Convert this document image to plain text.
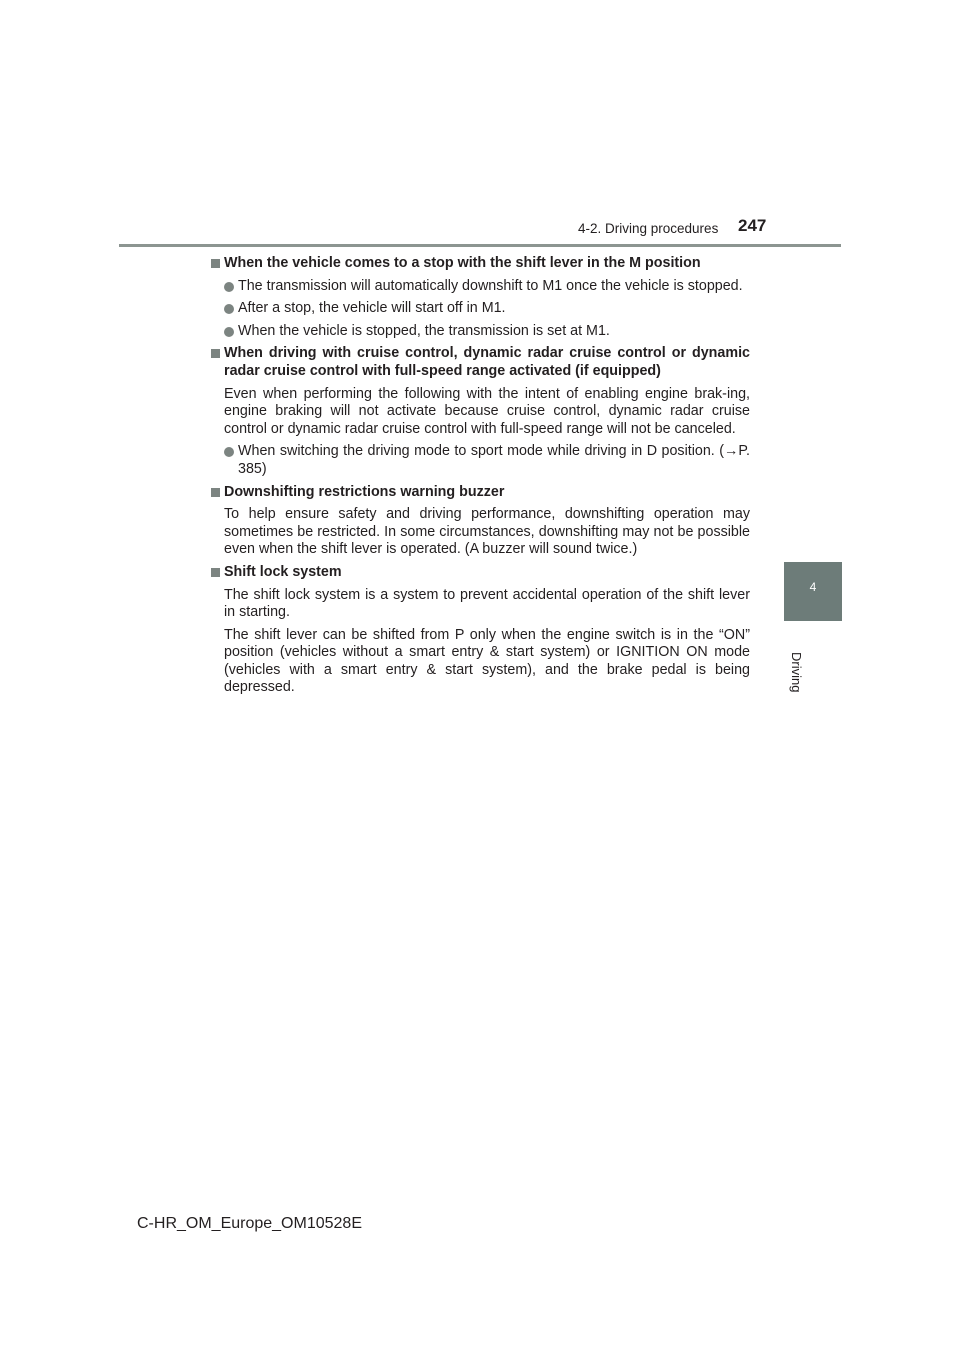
4-2. Driving procedures 247
4
Driving
When the vehicle comes to a stop with the shift lever in the M position
The transmission will automatically downshift to M1 once the vehicle is stopped.
After a stop, the vehicle will start off in M1.
When the vehicle is stopped, the transmission is set at M1.
When driving with cruise control, dynamic radar cruise control or dynamic radar cruise control with full-speed range activated (if equipped)
Even when performing the following with the intent of enabling engine brak-ing, engine braking will not activate because cruise control, dynamic radar cruise control or dynamic radar cruise control with full-speed range will not be canceled.
When switching the driving mode to sport mode while driving in D position. (→P. 385)
Downshifting restrictions warning buzzer
To help ensure safety and driving performance, downshifting operation may sometimes be restricted. In some circumstances, downshifting may not be possible even when the shift lever is operated. (A buzzer will sound twice.)
Shift lock system
The shift lock system is a system to prevent accidental operation of the shift lever in starting.
The shift lever can be shifted from P only when the engine switch is in the “ON” position (vehicles without a smart entry & start system) or IGNITION ON mode (vehicles with a smart entry & start system), and the brake pedal is being depressed.
C-HR_OM_Europe_OM10528E
